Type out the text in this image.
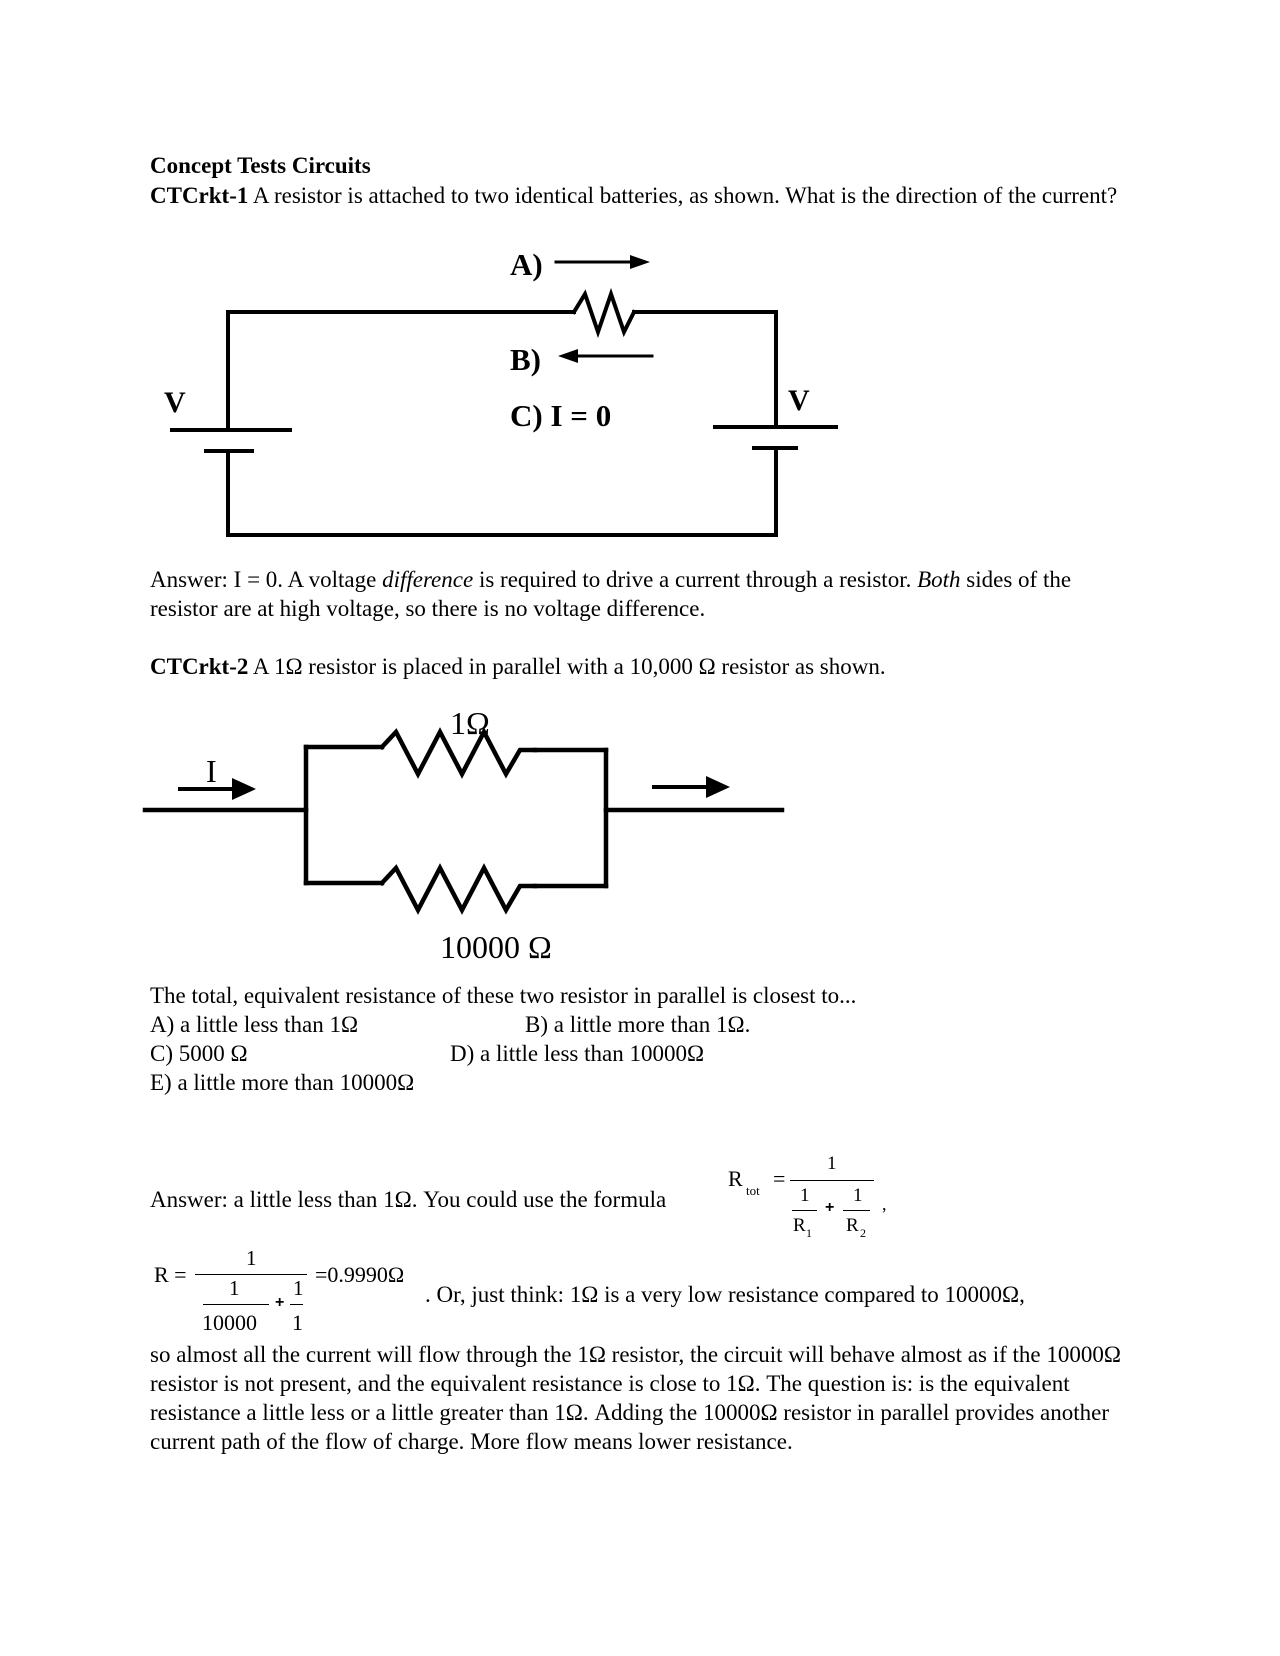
Concept Tests Circuits
CTCrkt-1 A resistor is attached to two identical batteries, as shown. What is the direction of the current?
A)
B)
C) I = 0
V	V
Answer: I = 0. A voltage difference is required to drive a current through a resistor. Both sides of the resistor are at high voltage, so there is no voltage difference.
CTCrkt-2 A 1Ω resistor is placed in parallel with a 10,000 Ω resistor as shown.
1Ω
I
10000 Ω
The total, equivalent resistance of these two resistor in parallel is closest to...
A) a little less than 1Ω	B) a little more than 1Ω.
C) 5000 Ω	D) a little less than 10000Ω
E) a little more than 10000Ω
Answer: a little less than 1Ω. You could use the formula
R tot =
1
1 1
+
R 1 R 2
,
R =
1
1	1
+
10000 1
=0.9990Ω
. Or, just think: 1Ω is a very low resistance compared to 10000Ω,
so almost all the current will flow through the 1Ω resistor, the circuit will behave almost as if the 10000Ω resistor is not present, and the equivalent resistance is close to 1Ω. The question is: is the equivalent resistance a little less or a little greater than 1Ω. Adding the 10000Ω resistor in parallel provides another current path of the flow of charge. More flow means lower resistance.
